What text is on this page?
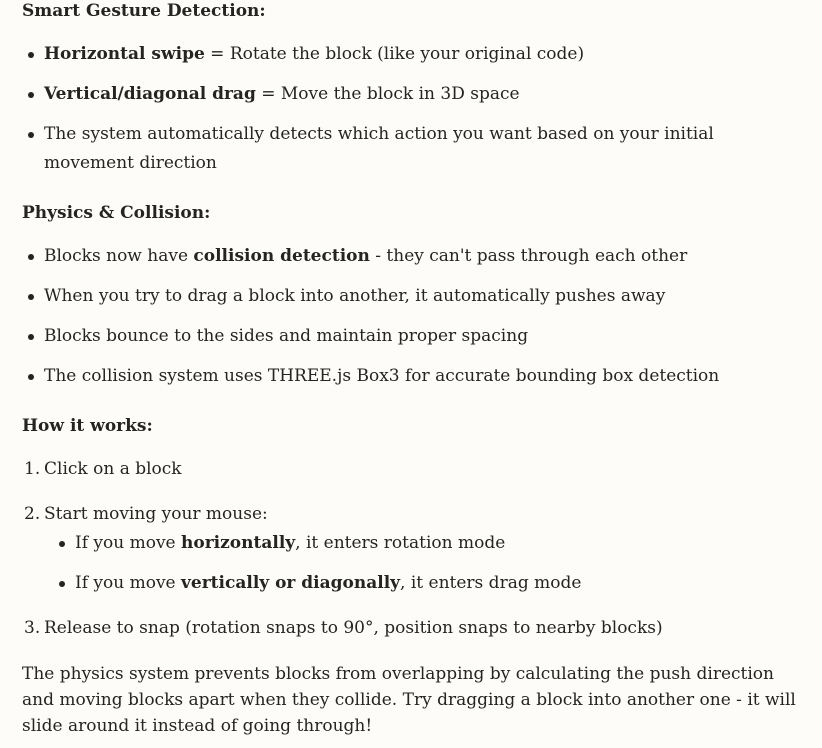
Smart Gesture Detection:
Horizontal swipe = Rotate the block (like your original code)
Vertical/diagonal drag = Move the block in 3D space
The system automatically detects which action you want based on your initial movement direction
Physics & Collision:
Blocks now have collision detection - they can't pass through each other
When you try to drag a block into another, it automatically pushes away
Blocks bounce to the sides and maintain proper spacing
The collision system uses THREE.js Box3 for accurate bounding box detection
How it works:
1. Click on a block
2. Start moving your mouse:
If you move horizontally, it enters rotation mode
If you move vertically or diagonally, it enters drag mode
3. Release to snap (rotation snaps to 90°, position snaps to nearby blocks)

The physics system prevents blocks from overlapping by calculating the push direction and moving blocks apart when they collide. Try dragging a block into another one - it will slide around it instead of going through!
